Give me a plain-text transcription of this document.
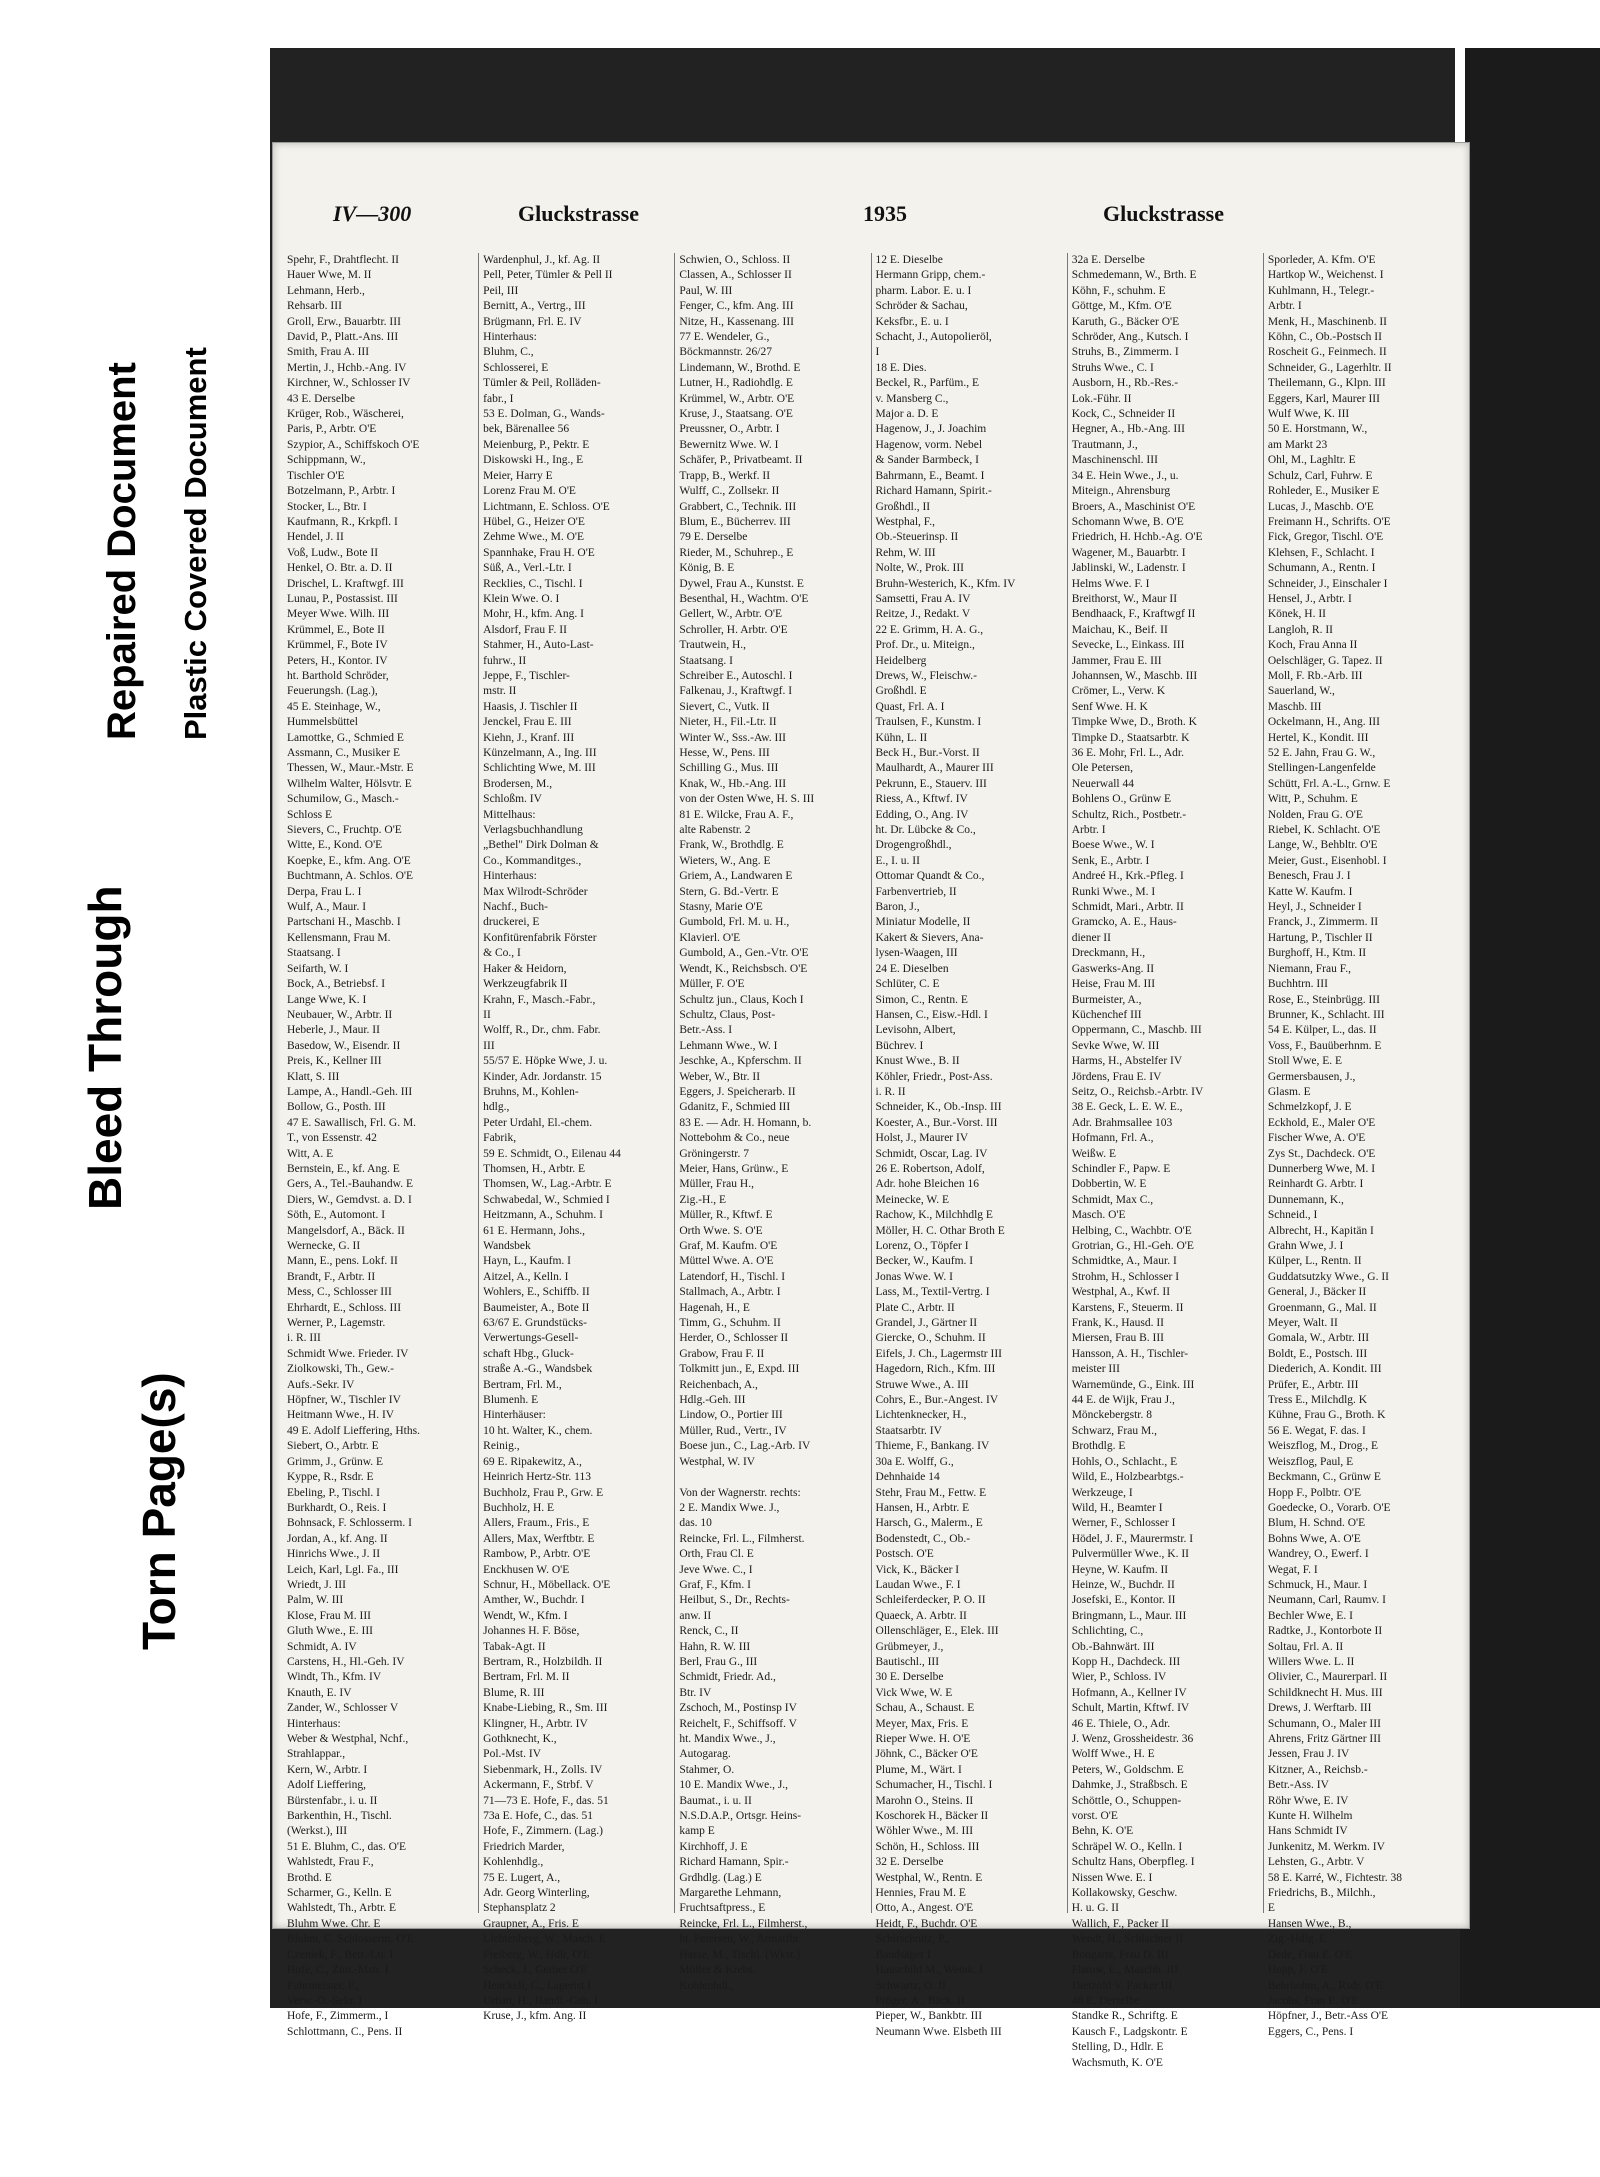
Bleed Through
Repaired Document Plastic Covered Document
Torn Page(s)
IV—300	Gluckstrasse	1935	Gluckstrasse
Spehr, F., Drahtflecht. II
Hauer Wwe, M. II
Lehmann, Herb.,
Rehsarb. III
Groll, Erw., Bauarbtr. III
David, P., Platt.-Ans. III
Smith, Frau A. III
Mertin, J., Hchb.-Ang. IV
Kirchner, W., Schlosser IV
43 E. Derselbe
Krüger, Rob., Wäscherei,
Paris, P., Arbtr. O'E
Szypior, A., Schiffskoch O'E
Schippmann, W.,
Tischler O'E
Botzelmann, P., Arbtr. I
Stocker, L., Btr. I
Kaufmann, R., Krkpfl. I
Hendel, J. II
Voß, Ludw., Bote II
Henkel, O. Btr. a. D. II
Drischel, L. Kraftwgf. III
Lunau, P., Postassist. III
Meyer Wwe. Wilh. III
Krümmel, E., Bote II
Krümmel, F., Bote IV
Peters, H., Kontor. IV
ht. Barthold Schröder,
Feuerungsh. (Lag.),
45 E. Steinhage, W.,
Hummelsbüttel
Lamottke, G., Schmied E
Assmann, C., Musiker E
Thessen, W., Maur.-Mstr. E
Wilhelm Walter, Hölsvtr. E
Schumilow, G., Masch.-
Schloss E
Sievers, C., Fruchtp. O'E
Witte, E., Kond. O'E
Koepke, E., kfm. Ang. O'E
Buchtmann, A. Schlos. O'E
Derpa, Frau L. I
Wulf, A., Maur. I
Partschani H., Maschb. I
Kellensmann, Frau M.
Staatsang. I
Seifarth, W. I
Bock, A., Betriebsf. I
Lange Wwe, K. I
Neubauer, W., Arbtr. II
Heberle, J., Maur. II
Basedow, W., Eisendr. II
Preis, K., Kellner III
Klatt, S. III
Lampe, A., Handl.-Geh. III
Bollow, G., Posth. III
47 E. Sawallisch, Frl. G. M.
T., von Essenstr. 42
Witt, A. E
Bernstein, E., kf. Ang. E
Gers, A., Tel.-Bauhandw. E
Diers, W., Gemdvst. a. D. I
Söth, E., Automont. I
Mangelsdorf, A., Bäck. II
Wernecke, G. II
Mann, E., pens. Lokf. II
Brandt, F., Arbtr. II
Mess, C., Schlosser III
Ehrhardt, E., Schloss. III
Werner, P., Lagemstr.
i. R. III
Schmidt Wwe. Frieder. IV
Ziolkowski, Th., Gew.-
Aufs.-Sekr. IV
Höpfner, W., Tischler IV
Heitmann Wwe., H. IV
49 E. Adolf Lieffering, Hths.
Siebert, O., Arbtr. E
Grimm, J., Grünw. E
Kyppe, R., Rsdr. E
Ebeling, P., Tischl. I
Burkhardt, O., Reis. I
Bohnsack, F. Schlosserm. I
Jordan, A., kf. Ang. II
Hinrichs Wwe., J. II
Leich, Karl, Lgl. Fa., III
Wriedt, J. III
Palm, W. III
Klose, Frau M. III
Gluth Wwe., E. III
Schmidt, A. IV
Carstens, H., Hl.-Geh. IV
Windt, Th., Kfm. IV
Knauth, E. IV
Zander, W., Schlosser V
Hinterhaus:
Weber & Westphal, Nchf.,
Strahlappar.,
Kern, W., Arbtr. I
Adolf Lieffering,
Bürstenfabr., i. u. II
Barkenthin, H., Tischl.
(Werkst.), III
51 E. Bluhm, C., das. O'E
Wahlstedt, Frau F.,
Brothd. E
Scharmer, G., Kelln. E
Wahlstedt, Th., Arbtr. E
Bluhm Wwe. Chr. E
Bluhm, C. Schlosserm. O'E
Czeniek, F., Betr.-Ltr. I
Hofe, C., Zim.-Mstr. I
Fuhrmeister, F.,
Verw.-O.-Sekr. I
Hofe, F., Zimmerm., I
Schlottmann, C., Pens. II
Wardenphul, J., kf. Ag. II
Pell, Peter, Tümler & Pell II
Peil, III
Bernitt, A., Vertrg., III
Brügmann, Frl. E. IV
Hinterhaus:
Bluhm, C.,
Schlosserei, E
Tümler & Peil, Rolläden-
fabr., I
53 E. Dolman, G., Wands-
bek, Bärenallee 56
Meienburg, P., Pektr. E
Diskowski H., Ing., E
Meier, Harry E
Lorenz Frau M. O'E
Lichtmann, E. Schloss. O'E
Hübel, G., Heizer O'E
Zehme Wwe., M. O'E
Spannhake, Frau H. O'E
Süß, A., Verl.-Ltr. I
Recklies, C., Tischl. I
Klein Wwe. O. I
Mohr, H., kfm. Ang. I
Alsdorf, Frau F. II
Stahmer, H., Auto-Last-
fuhrw., II
Jeppe, F., Tischler-
mstr. II
Haasis, J. Tischler II
Jenckel, Frau E. III
Kiehn, J., Kranf. III
Künzelmann, A., Ing. III
Schlichting Wwe, M. III
Brodersen, M.,
Schloßm. IV
Mittelhaus:
Verlagsbuchhandlung
„Bethel" Dirk Dolman &
Co., Kommanditges.,
Hinterhaus:
Max Wilrodt-Schröder
Nachf., Buch-
druckerei, E
Konfitürenfabrik Förster
& Co., I
Haker & Heidorn,
Werkzeugfabrik II
Krahn, F., Masch.-Fabr.,
II
Wolff, R., Dr., chm. Fabr.
III
55/57 E. Höpke Wwe, J. u.
Kinder, Adr. Jordanstr. 15
Bruhns, M., Kohlen-
hdlg.,
Peter Urdahl, El.-chem.
Fabrik,
59 E. Schmidt, O., Eilenau 44
Thomsen, H., Arbtr. E
Thomsen, W., Lag.-Arbtr. E
Schwabedal, W., Schmied I
Heitzmann, A., Schuhm. I
61 E. Hermann, Johs.,
Wandsbek
Hayn, L., Kaufm. I
Aitzel, A., Kelln. I
Wohlers, E., Schiffb. II
Baumeister, A., Bote II
63/67 E. Grundstücks-
Verwertungs-Gesell-
schaft Hbg., Gluck-
straße A.-G., Wandsbek
Bertram, Frl. M.,
Blumenh. E
Hinterhäuser:
10 ht. Walter, K., chem.
Reinig.,
69 E. Ripakewitz, A.,
Heinrich Hertz-Str. 113
Buchholz, Frau P., Grw. E
Buchholz, H. E
Allers, Fraum., Fris., E
Allers, Max, Werftbtr. E
Rambow, P., Arbtr. O'E
Enckhusen W. O'E
Schnur, H., Möbellack. O'E
Amther, W., Buchdr. I
Wendt, W., Kfm. I
Johannes H. F. Böse,
Tabak-Agt. II
Bertram, R., Holzbildh. II
Bertram, Frl. M. II
Blume, R. III
Knabe-Liebing, R., Sm. III
Klingner, H., Arbtr. IV
Gothknecht, K.,
Pol.-Mst. IV
Siebenmark, H., Zolls. IV
Ackermann, F., Strbf. V
71—73 E. Hofe, F., das. 51
73a E. Hofe, C., das. 51
Hofe, F., Zimmern. (Lag.)
Friedrich Marder,
Kohlenhdlg.,
75 E. Lugert, A.,
Adr. Georg Winterling,
Stephansplatz 2
Graupner, A., Fris. E
Lichtenberg, W., Masch. E
Freiberg, W., Hdlr, O'E
Scheck, J., Gerber O'E
Henckell, C., Lagerist I
Urban, H., Handl.-Geh. I
Kruse, J., kfm. Ang. II
Schwien, O., Schloss. II
Classen, A., Schlosser II
Paul, W. III
Fenger, C., kfm. Ang. III
Nitze, H., Kassenang. III
77 E. Wendeler, G.,
Böckmannstr. 26/27
Lindemann, W., Brothd. E
Lutner, H., Radiohdlg. E
Krümmel, W., Arbtr. O'E
Kruse, J., Staatsang. O'E
Preussner, O., Arbtr. I
Bewernitz Wwe. W. I
Schäfer, P., Privatbeamt. II
Trapp, B., Werkf. II
Wulff, C., Zollsekr. II
Grabbert, C., Technik. III
Blum, E., Bücherrev. III
79 E. Derselbe
Rieder, M., Schuhrep., E
König, B. E
Dywel, Frau A., Kunstst. E
Besenthal, H., Wachtm. O'E
Gellert, W., Arbtr. O'E
Schroller, H. Arbtr. O'E
Trautwein, H.,
Staatsang. I
Schreiber E., Autoschl. I
Falkenau, J., Kraftwgf. I
Sievert, C., Vutk. II
Nieter, H., Fil.-Ltr. II
Winter W., Sss.-Aw. III
Hesse, W., Pens. III
Schilling G., Mus. III
Knak, W., Hb.-Ang. III
von der Osten Wwe, H. S. III
81 E. Wilcke, Frau A. F.,
alte Rabenstr. 2
Frank, W., Brothdlg. E
Wieters, W., Ang. E
Griem, A., Landwaren E
Stern, G. Bd.-Vertr. E
Stasny, Marie O'E
Gumbold, Frl. M. u. H.,
Klavierl. O'E
Gumbold, A., Gen.-Vtr. O'E
Wendt, K., Reichsbsch. O'E
Müller, F. O'E
Schultz jun., Claus, Koch I
Schultz, Claus, Post-
Betr.-Ass. I
Lehmann Wwe., W. I
Jeschke, A., Kpferschm. II
Weber, W., Btr. II
Eggers, J. Speicherarb. II
Gdanitz, F., Schmied III
83 E. — Adr. H. Homann, b.
Nottebohm & Co., neue
Gröningerstr. 7
Meier, Hans, Grünw., E
Müller, Frau H.,
Zig.-H., E
Müller, R., Kftwf. E
Orth Wwe. S. O'E
Graf, M. Kaufm. O'E
Müttel Wwe. A. O'E
Latendorf, H., Tischl. I
Stallmach, A., Arbtr. I
Hagenah, H., E
Timm, G., Schuhm. II
Herder, O., Schlosser II
Grabow, Frau F. II
Tolkmitt jun., E, Expd. III
Reichenbach, A.,
Hdlg.-Geh. III
Lindow, O., Portier III
Müller, Rud., Vertr., IV
Boese jun., C., Lag.-Arb. IV
Westphal, W. IV

Von der Wagnerstr. rechts:
2 E. Mandix Wwe. J.,
das. 10
Reincke, Frl. L., Filmherst.
Orth, Frau Cl. E
Jeve Wwe. C., I
Graf, F., Kfm. I
Heilbut, S., Dr., Rechts-
anw. II
Renck, C., II
Hahn, R. W. III
Berl, Frau G., III
Schmidt, Friedr. Ad.,
Btr. IV
Zschoch, M., Postinsp IV
Reichelt, F., Schiffsoff. V
ht. Mandix Wwe., J.,
Autogarag.
Stahmer, O.
10 E. Mandix Wwe., J.,
Baumat., i. u. II
N.S.D.A.P., Ortsgr. Heins-
kamp E
Kirchhoff, J. E
Richard Hamann, Spir.-
Grdhdlg. (Lag.) E
Margarethe Lehmann,
Fruchtsaftpress., E
Reincke, Frl. L., Filmherst.,
ht. Petersen, W., Armatfbr.
Hasse, M., Tischl. (Wkst.)
Möller & Krebs,
Kohlenhdl.,
12 E. Dieselbe
Hermann Gripp, chem.-
pharm. Labor. E. u. I
Schröder & Sachau,
Keksfbr., E. u. I
Schacht, J., Autopolieröl,
I
18 E. Dies.
Beckel, R., Parfüm., E
v. Mansberg C.,
Major a. D. E
Hagenow, J., J. Joachim
Hagenow, vorm. Nebel
& Sander Barmbeck, I
Bahrmann, E., Beamt. I
Richard Hamann, Spirit.-
Großhdl., II
Westphal, F.,
Ob.-Steuerinsp. II
Rehm, W. III
Nolte, W., Prok. III
Bruhn-Westerich, K., Kfm. IV
Samsetti, Frau A. IV
Reitze, J., Redakt. V
22 E. Grimm, H. A. G.,
Prof. Dr., u. Miteign.,
Heidelberg
Drews, W., Fleischw.-
Großhdl. E
Quast, Frl. A. I
Traulsen, F., Kunstm. I
Kühn, L. II
Beck H., Bur.-Vorst. II
Maulhardt, A., Maurer III
Pekrunn, E., Stauerv. III
Riess, A., Kftwf. IV
Edding, O., Ang. IV
ht. Dr. Lübcke & Co.,
Drogengroßhdl.,
E., I. u. II
Ottomar Quandt & Co.,
Farbenvertrieb, II
Baron, J.,
Miniatur Modelle, II
Kakert & Sievers, Ana-
lysen-Waagen, III
24 E. Dieselben
Schlüter, C. E
Simon, C., Rentn. E
Hansen, C., Eisw.-Hdl. I
Levisohn, Albert,
Büchrev. I
Knust Wwe., B. II
Köhler, Friedr., Post-Ass.
i. R. II
Schneider, K., Ob.-Insp. III
Koester, A., Bur.-Vorst. III
Holst, J., Maurer IV
Schmidt, Oscar, Lag. IV
26 E. Robertson, Adolf,
Adr. hohe Bleichen 16
Meinecke, W. E
Rachow, K., Milchhdlg E
Möller, H. C. Othar Broth E
Lorenz, O., Töpfer I
Becker, W., Kaufm. I
Jonas Wwe. W. I
Lass, M., Textil-Vertrg. I
Plate C., Arbtr. II
Grandel, J., Gärtner II
Giercke, O., Schuhm. II
Eifels, J. Ch., Lagermstr III
Hagedorn, Rich., Kfm. III
Struwe Wwe., A. III
Cohrs, E., Bur.-Angest. IV
Lichtenknecker, H.,
Staatsarbtr. IV
Thieme, F., Bankang. IV
30a E. Wolff, G.,
Dehnhaide 14
Stehr, Frau M., Fettw. E
Hansen, H., Arbtr. E
Harsch, G., Malerm., E
Bodenstedt, C., Ob.-
Postsch. O'E
Vick, K., Bäcker I
Laudan Wwe., F. I
Schleiferdecker, P. O. II
Quaeck, A. Arbtr. II
Ollenschläger, E., Elek. III
Grübmeyer, J.,
Bautischl., III
30 E. Derselbe
Vick Wwe, W. E
Schau, A., Schaust. E
Meyer, Max, Fris. E
Rieper Wwe. H. O'E
Jöhnk, C., Bäcker O'E
Plume, M., Wärt. I
Schumacher, H., Tischl. I
Marohn O., Steins. II
Koschorek H., Bäcker II
Wöhler Wwe., M. III
Schön, H., Schloss. III
32 E. Derselbe
Westphal, W., Rentn. E
Hennies, Frau M. E
Otto, A., Angest. O'E
Heidt, F., Buchdr. O'E
Schirschnitz, P.,
Bandsäger I
Hauschild M., Weink. I
Schwartz, O. II
Pröger, A., Bäck. II
Pieper, W., Bankbtr. III
Neumann Wwe. Elsbeth III
32a E. Derselbe
Schmedemann, W., Brth. E
Köhn, F., schuhm. E
Göttge, M., Kfm. O'E
Karuth, G., Bäcker O'E
Schröder, Ang., Kutsch. I
Struhs, B., Zimmerm. I
Struhs Wwe., C. I
Ausborn, H., Rb.-Res.-
Lok.-Führ. II
Kock, C., Schneider II
Hegner, A., Hb.-Ang. III
Trautmann, J.,
Maschinenschl. III
34 E. Hein Wwe., J., u.
Miteign., Ahrensburg
Broers, A., Maschinist O'E
Schomann Wwe, B. O'E
Friedrich, H. Hchb.-Ag. O'E
Wagener, M., Bauarbtr. I
Jablinski, W., Ladenstr. I
Helms Wwe. F. I
Breithorst, W., Maur II
Bendhaack, F., Kraftwgf II
Maichau, K., Beif. II
Sevecke, L., Einkass. III
Jammer, Frau E. III
Johannsen, W., Maschb. III
Crömer, L., Verw. K
Senf Wwe. H. K
Timpke Wwe, D., Broth. K
Timpke D., Staatsarbtr. K
36 E. Mohr, Frl. L., Adr.
Ole Petersen,
Neuerwall 44
Bohlens O., Grünw E
Schultz, Rich., Postbetr.-
Arbtr. I
Boese Wwe., W. I
Senk, E., Arbtr. I
Andreé H., Krk.-Pfleg. I
Runki Wwe., M. I
Schmidt, Mari., Arbtr. II
Gramcko, A. E., Haus-
diener II
Dreckmann, H.,
Gaswerks-Ang. II
Heise, Frau M. III
Burmeister, A.,
Küchenchef III
Oppermann, C., Maschb. III
Sevke Wwe, W. III
Harms, H., Abstelfer IV
Jördens, Frau E. IV
Seitz, O., Reichsb.-Arbtr. IV
38 E. Geck, L. E. W. E.,
Adr. Brahmsallee 103
Hofmann, Frl. A.,
Weißw. E
Schindler F., Papw. E
Dobbertin, W. E
Schmidt, Max C.,
Masch. O'E
Helbing, C., Wachbtr. O'E
Grotrian, G., Hl.-Geh. O'E
Schmidtke, A., Maur. I
Strohm, H., Schlosser I
Westphal, A., Kwf. II
Karstens, F., Steuerm. II
Frank, K., Hausd. II
Miersen, Frau B. III
Hansson, A. H., Tischler-
meister III
Warnemünde, G., Eink. III
44 E. de Wijk, Frau J.,
Mönckebergstr. 8
Schwarz, Frau M.,
Brothdlg. E
Hohls, O., Schlacht., E
Wild, E., Holzbearbtgs.-
Werkzeuge, I
Wild, H., Beamter I
Werner, F., Schlosser I
Hödel, J. F., Maurermstr. I
Pulvermüller Wwe., K. II
Heyne, W. Kaufm. II
Heinze, W., Buchdr. II
Josefski, E., Kontor. II
Bringmann, L., Maur. III
Schlichting, C.,
Ob.-Bahnwärt. III
Kopp H., Dachdeck. III
Wier, P., Schloss. IV
Hofmann, A., Kellner IV
Schult, Martin, Kftwf. IV
46 E. Thiele, O., Adr.
J. Wenz, Grossheidestr. 36
Wolff Wwe., H. E
Peters, W., Goldschm. E
Dahmke, J., Straßbsch. E
Schöttle, O., Schuppen-
vorst. O'E
Behn, K. O'E
Schräpel W. O., Kelln. I
Schultz Hans, Oberpfleg. I
Nissen Wwe. E. I
Kollakowsky, Geschw.
H. u. G. II
Wallich, F., Packer II
Wendt, H., Schlachter II
Bongarts, Frau D. III
Flatow, E., Maschb. III
Dietzold V. Packer III
48 E. Derselbe
Standke R., Schriftg. E
Kausch F., Ladgskontr. E
Stelling, D., Hdlr. E
Wachsmuth, K. O'E
Sporleder, A. Kfm. O'E
Hartkop W., Weichenst. I
Kuhlmann, H., Telegr.-
Arbtr. I
Menk, H., Maschinenb. II
Köhn, C., Ob.-Postsch II
Roscheit G., Feinmech. II
Schneider, G., Lagerhltr. II
Theilemann, G., Klpn. III
Eggers, Karl, Maurer III
Wulf Wwe, K. III
50 E. Horstmann, W.,
am Markt 23
Ohl, M., Laghltr. E
Schulz, Carl, Fuhrw. E
Rohleder, E., Musiker E
Lucas, J., Maschb. O'E
Freimann H., Schrifts. O'E
Fick, Gregor, Tischl. O'E
Klehsen, F., Schlacht. I
Schumann, A., Rentn. I
Schneider, J., Einschaler I
Hensel, J., Arbtr. I
Könek, H. II
Langloh, R. II
Koch, Frau Anna II
Oelschläger, G. Tapez. II
Moll, F. Rb.-Arb. III
Sauerland, W.,
Maschb. III
Ockelmann, H., Ang. III
Hertel, K., Kondit. III
52 E. Jahn, Frau G. W.,
Stellingen-Langenfelde
Schütt, Frl. A.-L., Grnw. E
Witt, P., Schuhm. E
Nolden, Frau G. O'E
Riebel, K. Schlacht. O'E
Lange, W., Behbltr. O'E
Meier, Gust., Eisenhobl. I
Benesch, Frau J. I
Katte W. Kaufm. I
Heyl, J., Schneider I
Franck, J., Zimmerm. II
Hartung, P., Tischler II
Burghoff, H., Ktm. II
Niemann, Frau F.,
Buchhtrn. III
Rose, E., Steinbrügg. III
Brunner, K., Schlacht. III
54 E. Külper, L., das. II
Voss, F., Bauüberhnm. E
Stoll Wwe, E. E
Germersbausen, J.,
Glasm. E
Schmelzkopf, J. E
Eckhold, E., Maler O'E
Fischer Wwe, A. O'E
Zys St., Dachdeck. O'E
Dunnerberg Wwe, M. I
Reinhardt G. Arbtr. I
Dunnemann, K.,
Schneid., I
Albrecht, H., Kapitän I
Grahn Wwe, J. I
Külper, L., Rentn. II
Guddatsutzky Wwe., G. II
General, J., Bäcker II
Groenmann, G., Mal. II
Meyer, Walt. II
Gomala, W., Arbtr. III
Boldt, E., Postsch. III
Diederich, A. Kondit. III
Prüfer, E., Arbtr. III
Tress E., Milchdlg. K
Kühne, Frau G., Broth. K
56 E. Wegat, F. das. I
Weiszflog, M., Drog., E
Weiszflog, Paul, E
Beckmann, C., Grünw E
Hopp F., Polbtr. O'E
Goedecke, O., Vorarb. O'E
Blum, H. Schnd. O'E
Bohns Wwe, A. O'E
Wandrey, O., Ewerf. I
Wegat, F. I
Schmuck, H., Maur. I
Neumann, Carl, Raumv. I
Bechler Wwe, E. I
Radtke, J., Kontorbote II
Soltau, Frl. A. II
Willers Wwe. L. II
Olivier, C., Maurerparl. II
Schildknecht H. Mus. III
Drews, J. Werftarb. III
Schumann, O., Maler III
Ahrens, Fritz Gärtner III
Jessen, Frau J. IV
Kitzner, A., Reichsb.-
Betr.-Ass. IV
Röhr Wwe, E. IV
Kunte H. Wilhelm
Hans Schmidt IV
Junkenitz, M. Werkm. IV
Lehsten, G., Arbtr. V
58 E. Karré, W., Fichtestr. 38
Friedrichs, B., Milchh.,
E
Hansen Wwe., B.,
Zig.-Hdlg. E
Dede, Frau E. O'E
Hopp, F. O'E
Behrbohm, A., Rsdr. O'E
Jacobs, Frau E. O'E
Höpfner, J., Betr.-Ass O'E
Eggers, C., Pens. I
